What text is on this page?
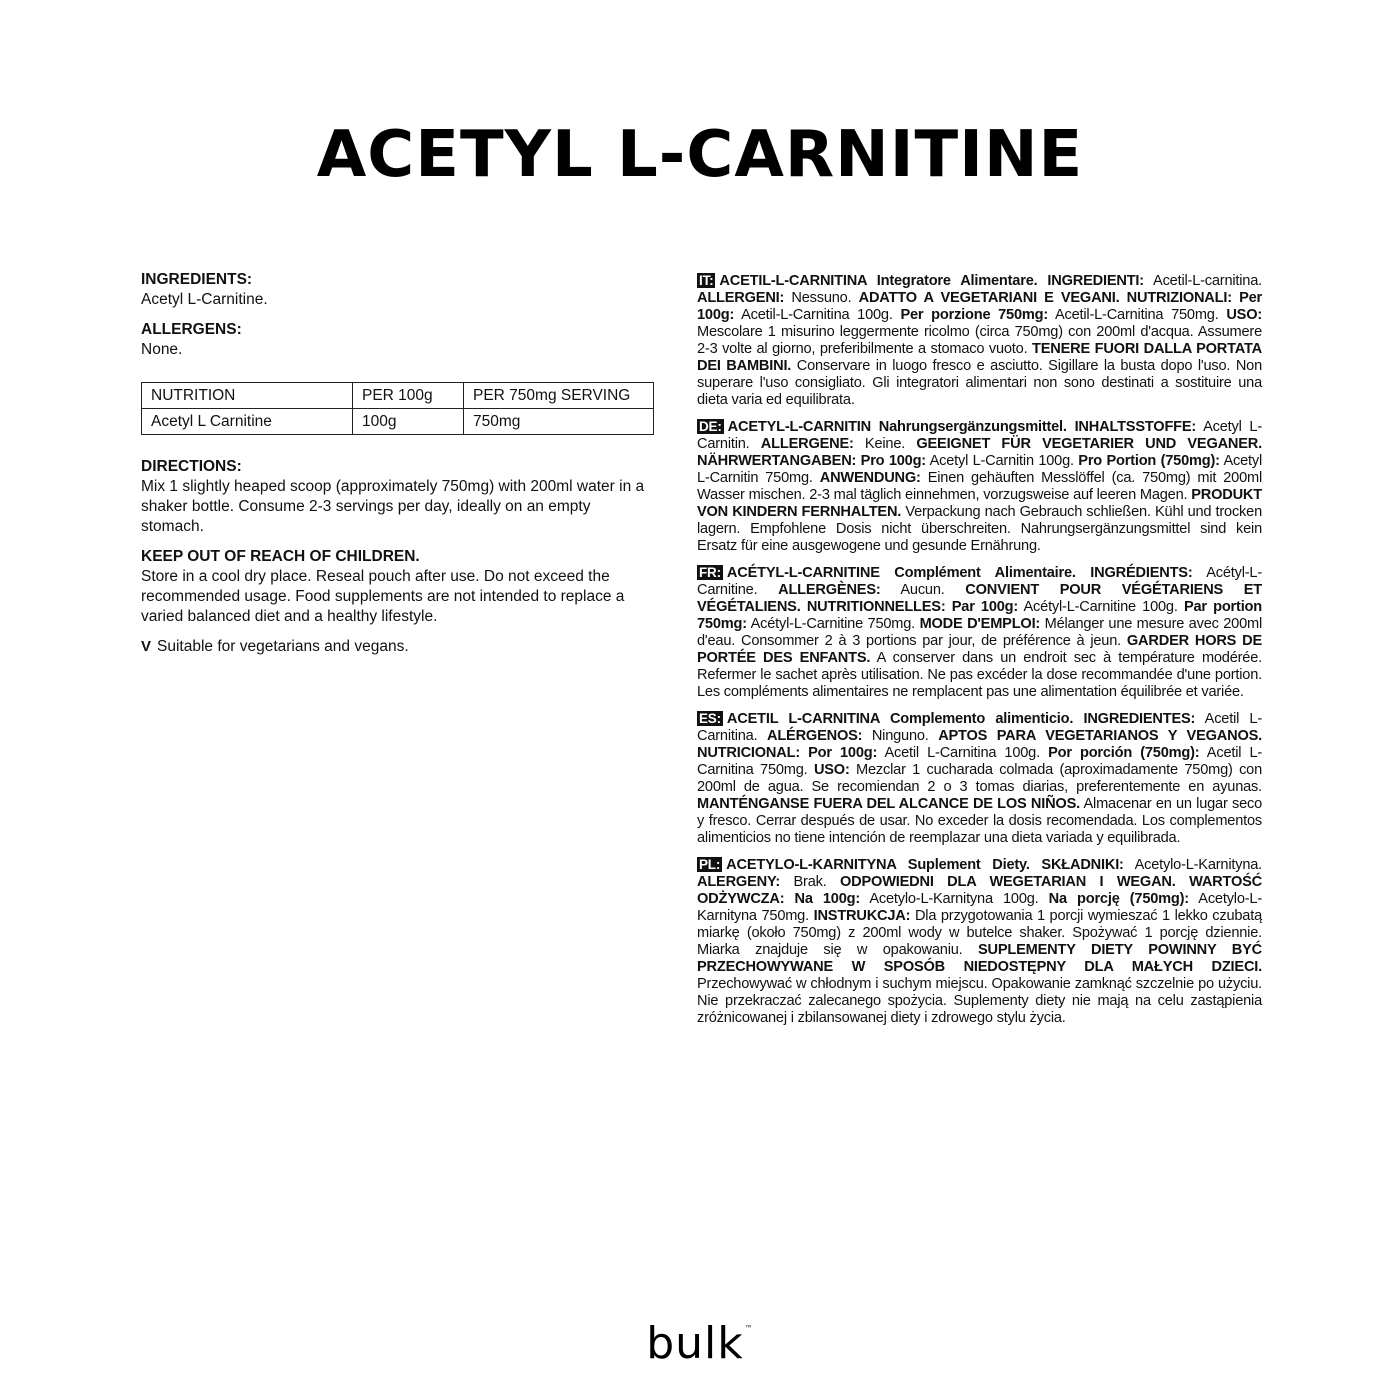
ACETYL L-CARNITINE
INGREDIENTS:

Acetyl L-Carnitine.

ALLERGENS:

None.

NUTRITION	PER 100g	PER 750mg SERVING
Acetyl L Carnitine	100g	750mg
DIRECTIONS:

Mix 1 slightly heaped scoop (approximately 750mg) with 200ml water in a shaker bottle. Consume 2-3 servings per day, ideally on an empty stomach.

KEEP OUT OF REACH OF CHILDREN.

Store in a cool dry place. Reseal pouch after use. Do not exceed the recommended usage. Food supplements are not intended to replace a varied balanced diet and a healthy lifestyle.

V Suitable for vegetarians and vegans.
IT: ACETIL-L-CARNITINA Integratore Alimentare. INGREDIENTI: Acetil-L-carnitina. ALLERGENI: Nessuno. ADATTO A VEGETARIANI E VEGANI. NUTRIZIONALI: Per 100g: Acetil-L-Carnitina 100g. Per porzione 750mg: Acetil-L-Carnitina 750mg. USO: Mescolare 1 misurino leggermente ricolmo (circa 750mg) con 200ml d'acqua. Assumere 2-3 volte al giorno, preferibilmente a stomaco vuoto. TENERE FUORI DALLA PORTATA DEI BAMBINI. Conservare in luogo fresco e asciutto. Sigillare la busta dopo l'uso. Non superare l'uso consigliato. Gli integratori alimentari non sono destinati a sostituire una dieta varia ed equilibrata.
DE: ACETYL-L-CARNITIN Nahrungsergänzungsmittel. INHALTSSTOFFE: Acetyl L-Carnitin. ALLERGENE: Keine. GEEIGNET FÜR VEGETARIER UND VEGANER. NÄHRWERTANGABEN: Pro 100g: Acetyl L-Carnitin 100g. Pro Portion (750mg): Acetyl L-Carnitin 750mg. ANWENDUNG: Einen gehäuften Messlöffel (ca. 750mg) mit 200ml Wasser mischen. 2-3 mal täglich einnehmen, vorzugsweise auf leeren Magen. PRODUKT VON KINDERN FERNHALTEN. Verpackung nach Gebrauch schließen. Kühl und trocken lagern. Empfohlene Dosis nicht überschreiten. Nahrungsergänzungsmittel sind kein Ersatz für eine ausgewogene und gesunde Ernährung.
FR: ACÉTYL-L-CARNITINE Complément Alimentaire. INGRÉDIENTS: Acétyl-L-Carnitine. ALLERGÈNES: Aucun. CONVIENT POUR VÉGÉTARIENS ET VÉGÉTALIENS. NUTRITIONNELLES: Par 100g: Acétyl-L-Carnitine 100g. Par portion 750mg: Acétyl-L-Carnitine 750mg. MODE D'EMPLOI: Mélanger une mesure avec 200ml d'eau. Consommer 2 à 3 portions par jour, de préférence à jeun. GARDER HORS DE PORTÉE DES ENFANTS. A conserver dans un endroit sec à température modérée. Refermer le sachet après utilisation. Ne pas excéder la dose recommandée d'une portion. Les compléments alimentaires ne remplacent pas une alimentation équilibrée et variée.
ES: ACETIL L-CARNITINA Complemento alimenticio. INGREDIENTES: Acetil L-Carnitina. ALÉRGENOS: Ninguno. APTOS PARA VEGETARIANOS Y VEGANOS. NUTRICIONAL: Por 100g: Acetil L-Carnitina 100g. Por porción (750mg): Acetil L-Carnitina 750mg. USO: Mezclar 1 cucharada colmada (aproximadamente 750mg) con 200ml de agua. Se recomiendan 2 o 3 tomas diarias, preferentemente en ayunas. MANTÉNGANSE FUERA DEL ALCANCE DE LOS NIÑOS. Almacenar en un lugar seco y fresco. Cerrar después de usar. No exceder la dosis recomendada. Los complementos alimenticios no tiene intención de reemplazar una dieta variada y equilibrada.
PL: ACETYLO-L-KARNITYNA Suplement Diety. SKŁADNIKI: Acetylo-L-Karnityna. ALERGENY: Brak. ODPOWIEDNI DLA WEGETARIAN I WEGAN. WARTOŚĆ ODŻYWCZA: Na 100g: Acetylo-L-Karnityna 100g. Na porcję (750mg): Acetylo-L-Karnityna 750mg. INSTRUKCJA: Dla przygotowania 1 porcji wymieszać 1 lekko czubatą miarkę (około 750mg) z 200ml wody w butelce shaker. Spożywać 1 porcję dziennie. Miarka znajduje się w opakowaniu. SUPLEMENTY DIETY POWINNY BYĆ PRZECHOWYWANE W SPOSÓB NIEDOSTĘPNY DLA MAŁYCH DZIECI. Przechowywać w chłodnym i suchym miejscu. Opakowanie zamknąć szczelnie po użyciu. Nie przekraczać zalecanego spożycia. Suplementy diety nie mają na celu zastąpienia zróżnicowanej i zbilansowanej diety i zdrowego stylu życia.
bulk™
